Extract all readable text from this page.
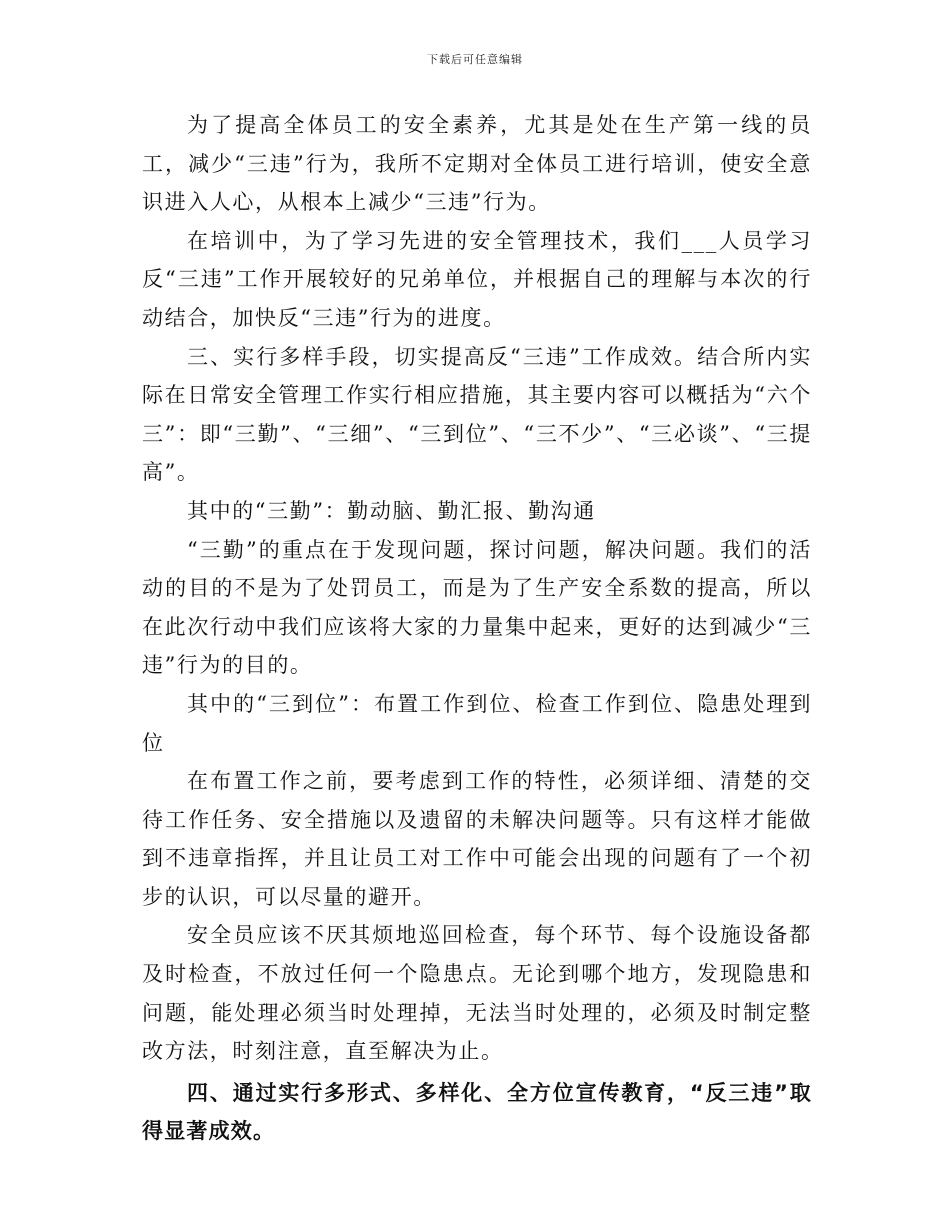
下载后可任意编辑

为了提高全体员工的安全素养，尤其是处在生产第一线的员工，减少“三违”行为，我所不定期对全体员工进行培训，使安全意识进入人心，从根本上减少“三违”行为。

在培训中，为了学习先进的安全管理技术，我们___人员学习反“三违”工作开展较好的兄弟单位，并根据自己的理解与本次的行动结合，加快反“三违”行为的进度。

三、实行多样手段，切实提高反“三违”工作成效。结合所内实际在日常安全管理工作实行相应措施，其主要内容可以概括为“六个三”：即“三勤”、“三细”、“三到位”、“三不少”、“三必谈”、“三提高”。

其中的“三勤”：勤动脑、勤汇报、勤沟通

“三勤”的重点在于发现问题，探讨问题，解决问题。我们的活动的目的不是为了处罚员工，而是为了生产安全系数的提高，所以在此次行动中我们应该将大家的力量集中起来，更好的达到减少“三违”行为的目的。

其中的“三到位”：布置工作到位、检查工作到位、隐患处理到位

在布置工作之前，要考虑到工作的特性，必须详细、清楚的交待工作任务、安全措施以及遗留的未解决问题等。只有这样才能做到不违章指挥，并且让员工对工作中可能会出现的问题有了一个初步的认识，可以尽量的避开。

安全员应该不厌其烦地巡回检查，每个环节、每个设施设备都及时检查，不放过任何一个隐患点。无论到哪个地方，发现隐患和问题，能处理必须当时处理掉，无法当时处理的，必须及时制定整改方法，时刻注意，直至解决为止。

四、通过实行多形式、多样化、全方位宣传教育，“反三违”取得显著成效。
